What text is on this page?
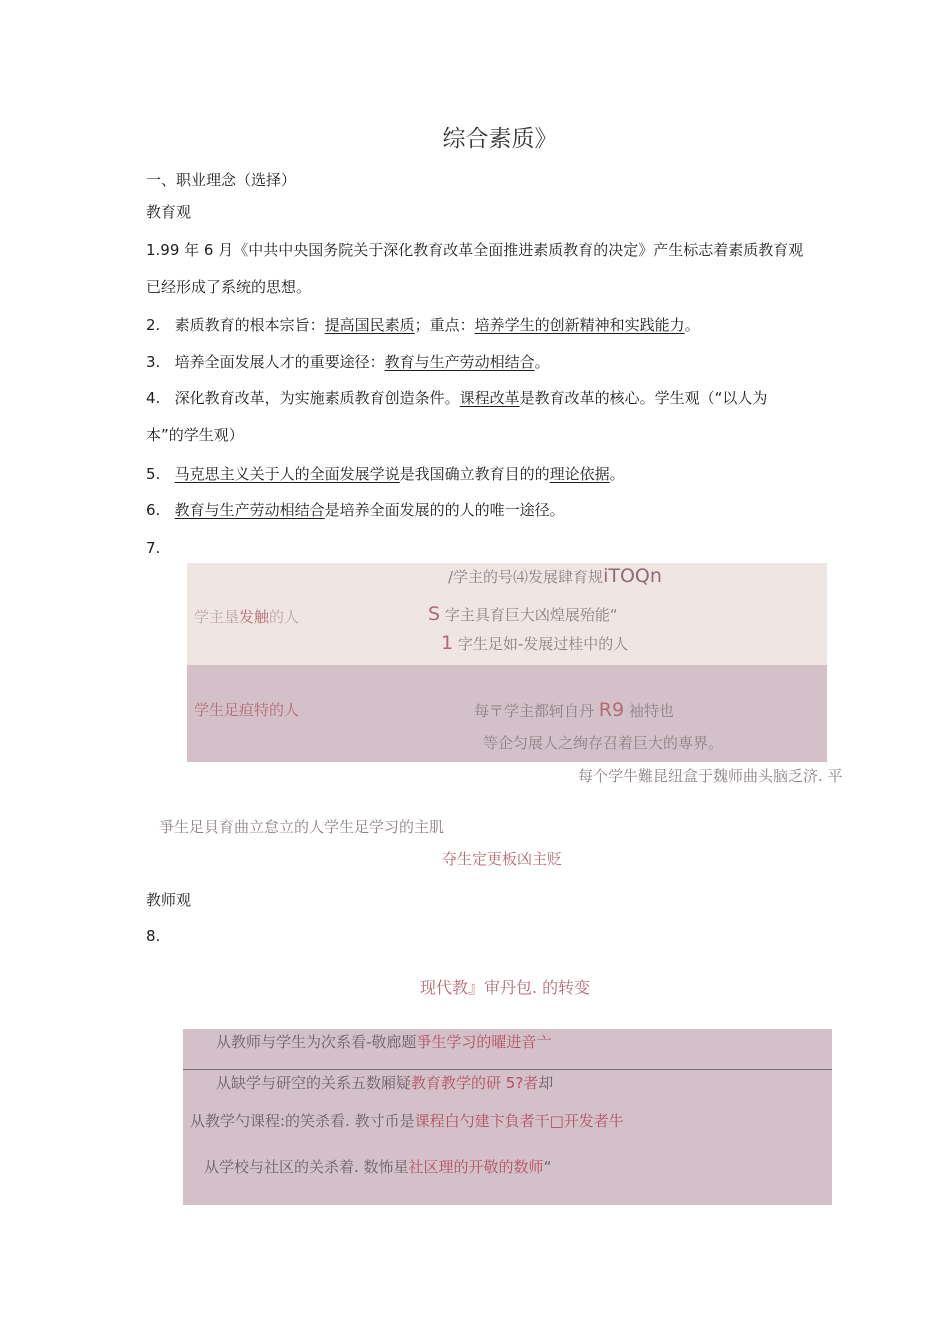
综合素质》
一、职业理念（选择）
教育观
1.99 年 6 月《中共中央国务院关于深化教育改革全面推进素质教育的决定》产生标志着素质教育观
已经形成了系统的思想。
2. 素质教育的根本宗旨：提高国民素质；重点：培养学生的创新精神和实践能力。
3. 培养全面发展人才的重要途径：教育与生产劳动相结合。
4. 深化教育改革，为实施素质教育创造条件。课程改革是教育改革的核心。学生观（“以人为
本”的学生观）
5. 马克思主义关于人的全面发展学说是我国确立教育目的的理论依据。
6. 教育与生产劳动相结合是培养全面发展的的人的唯一途径。
7.
/学主的号⑷发展肆育规iTOQn
学主垦发触的人	S 字主具育巨大凶煌展殆能“
1 字生足如-发展过桂中的人
学生足疸特的人	每〒学主都轲自丹 R9 袖特也
等企匀展人之绚存召着巨大的専界。
每个学牛難昆纽盒于魏师曲头脑乏济. 平
爭生足貝育曲立怠立的人学生足学习的主肌
夺生定更板凶主贬
教师观
8.
现代教』审丹包. 的转变
从教师与学生为次系看-敬廊题爭生学习的曜进音亠
从缺学与研空的关系五数厢疑教育教学的研 5?者却
从教学勺课程:的笑杀看. 教寸币是课程白勺建卞負者干□开发者牛
从学校与社区的关杀着. 数怖星社区理的开敬的数师“
